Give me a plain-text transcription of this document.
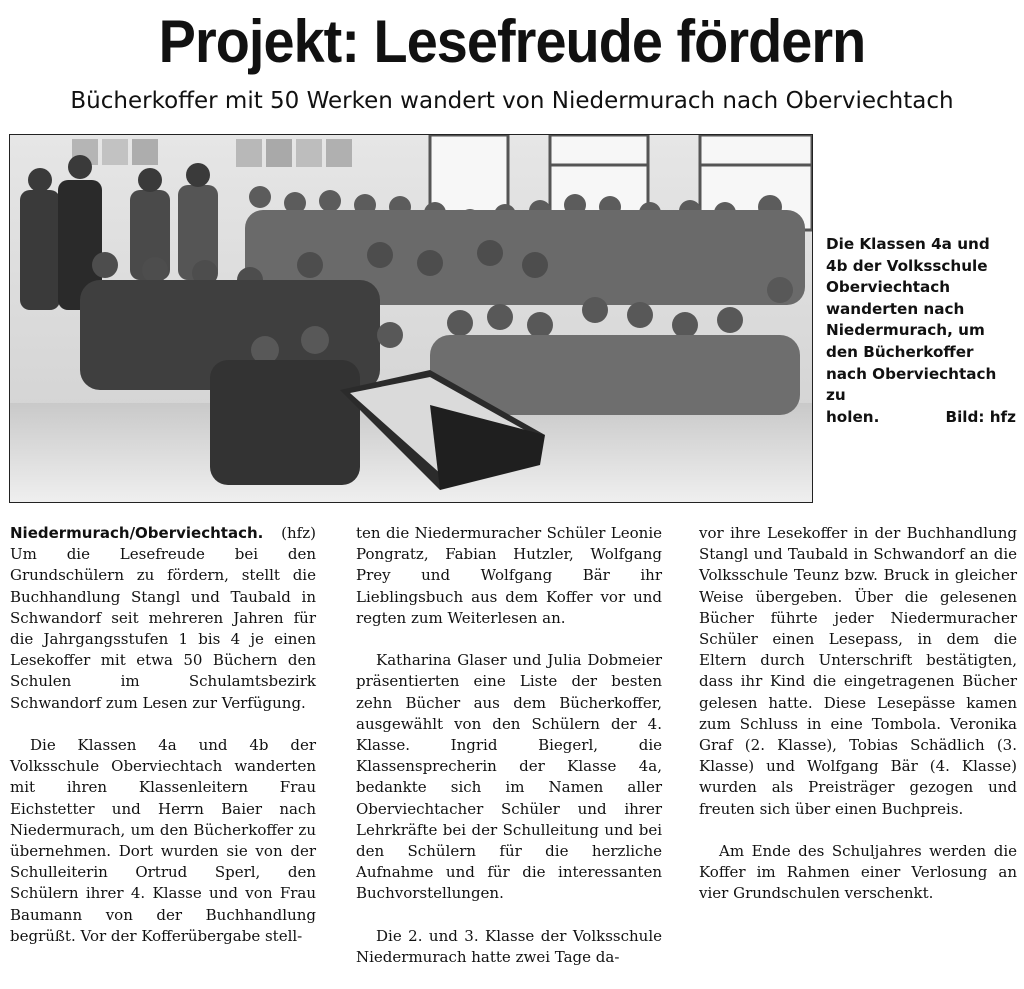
Projekt: Lesefreude fördern
Bücherkoffer mit 50 Werken wandert von Niedermurach nach Oberviechtach
Die Klassen 4a und 4b der Volksschule Oberviechtach wanderten nach Niedermurach, um den Bücherkoffer nach Oberviechtach zu
holen.	Bild: hfz

Niedermurach/Oberviechtach. (hfz) Um die Lesefreude bei den Grundschülern zu fördern, stellt die Buchhandlung Stangl und Taubald in Schwandorf seit mehreren Jahren für die Jahrgangsstufen 1 bis 4 je einen Lesekoffer mit etwa 50 Büchern den Schulen im Schulamtsbezirk Schwandorf zum Lesen zur Verfügung.

Die Klassen 4a und 4b der Volksschule Oberviechtach wanderten mit ihren Klassenleitern Frau Eichstetter und Herrn Baier nach Niedermurach, um den Bücherkoffer zu übernehmen. Dort wurden sie von der Schulleiterin Ortrud Sperl, den Schülern ihrer 4. Klasse und von Frau Baumann von der Buchhandlung begrüßt. Vor der Kofferübergabe stell-

ten die Niedermuracher Schüler Leonie Pongratz, Fabian Hutzler, Wolfgang Prey und Wolfgang Bär ihr Lieblingsbuch aus dem Koffer vor und regten zum Weiterlesen an.

Katharina Glaser und Julia Dobmeier präsentierten eine Liste der besten zehn Bücher aus dem Bücherkoffer, ausgewählt von den Schülern der 4. Klasse. Ingrid Biegerl, die Klassensprecherin der Klasse 4a, bedankte sich im Namen aller Oberviechtacher Schüler und ihrer Lehrkräfte bei der Schulleitung und bei den Schülern für die herzliche Aufnahme und für die interessanten Buchvorstellungen.

Die 2. und 3. Klasse der Volksschule Niedermurach hatte zwei Tage da-

vor ihre Lesekoffer in der Buchhandlung Stangl und Taubald in Schwandorf an die Volksschule Teunz bzw. Bruck in gleicher Weise übergeben. Über die gelesenen Bücher führte jeder Niedermuracher Schüler einen Lesepass, in dem die Eltern durch Unterschrift bestätigten, dass ihr Kind die eingetragenen Bücher gelesen hatte. Diese Lesepässe kamen zum Schluss in eine Tombola. Veronika Graf (2. Klasse), Tobias Schädlich (3. Klasse) und Wolfgang Bär (4. Klasse) wurden als Preisträger gezogen und freuten sich über einen Buchpreis.

Am Ende des Schuljahres werden die Koffer im Rahmen einer Verlosung an vier Grundschulen verschenkt.
